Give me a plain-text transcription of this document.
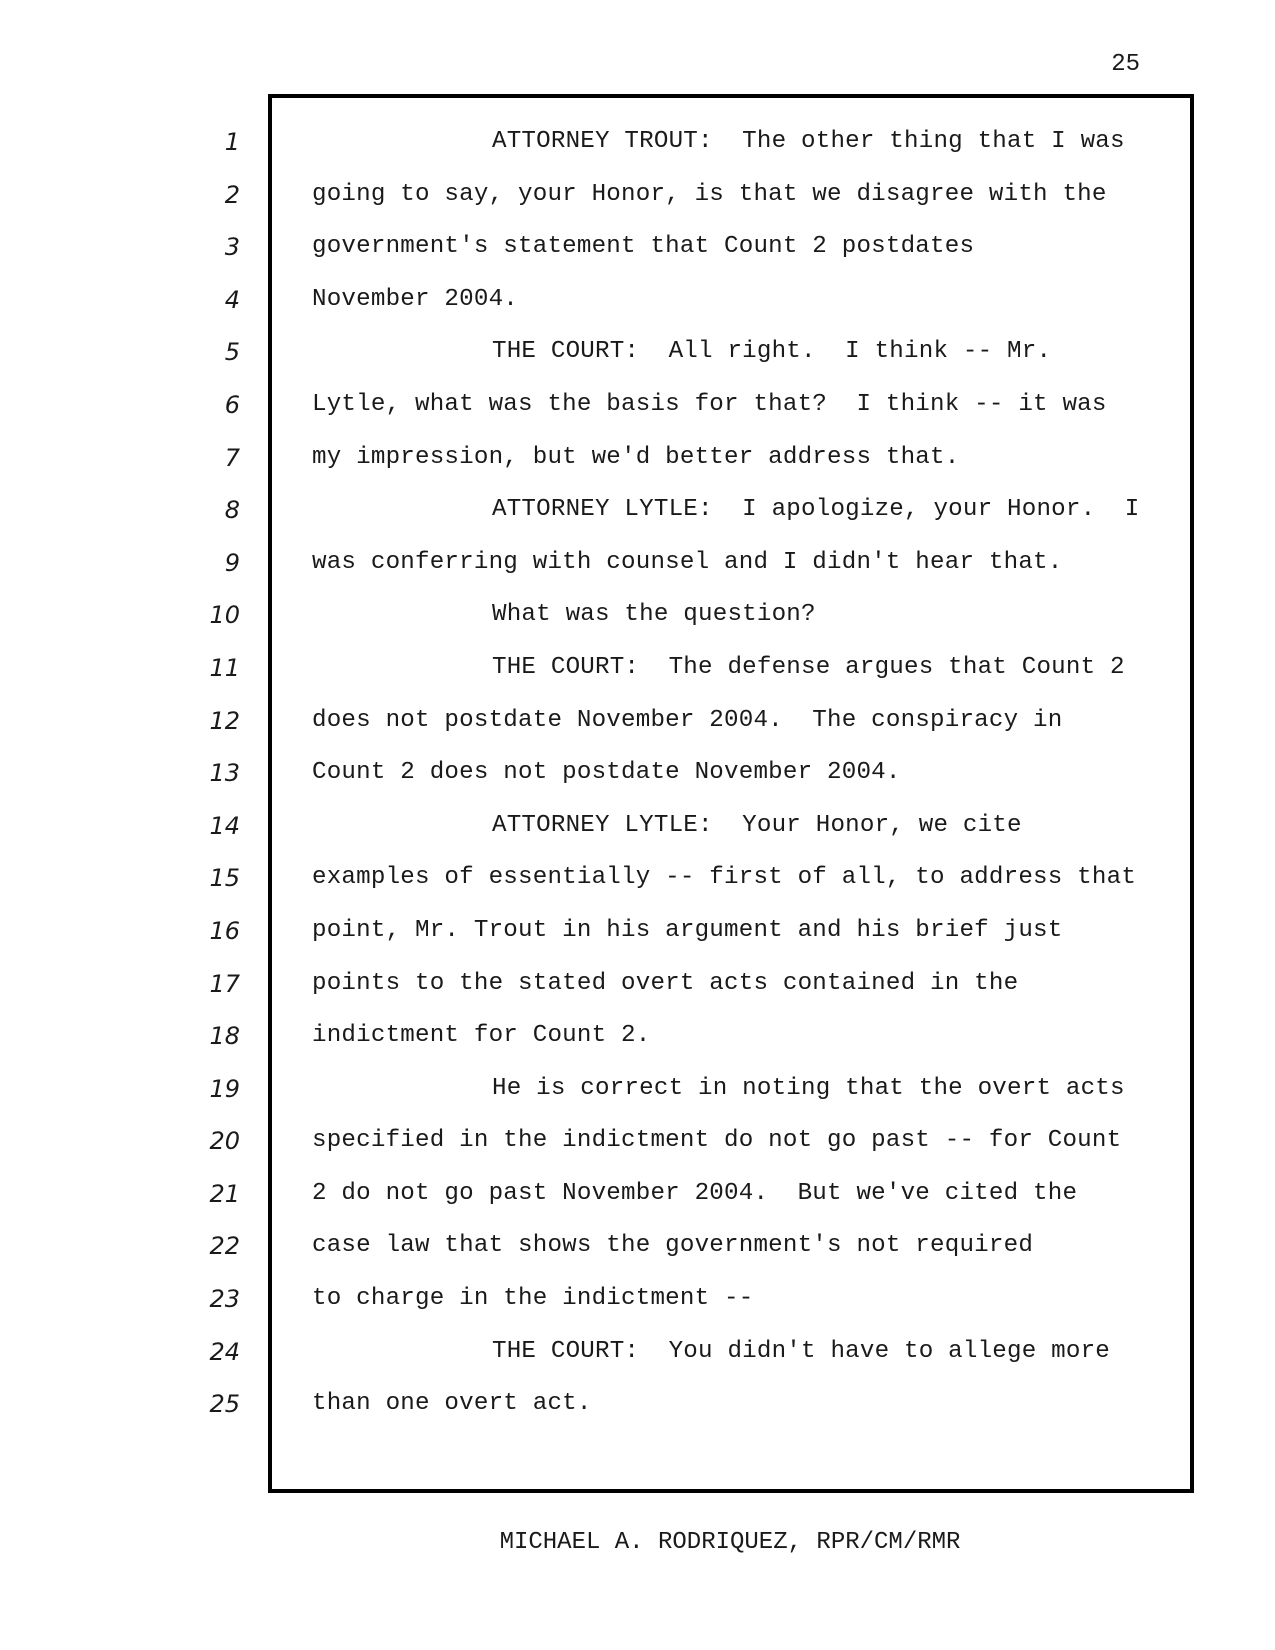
25
1
2
3
4
5
6
7
8
9
10
11
12
13
14
15
16
17
18
19
20
21
22
23
24
25
ATTORNEY TROUT:  The other thing that I was
going to say, your Honor, is that we disagree with the
government's statement that Count 2 postdates
November 2004.
THE COURT:  All right.  I think -- Mr.
Lytle, what was the basis for that?  I think -- it was
my impression, but we'd better address that.
ATTORNEY LYTLE:  I apologize, your Honor.  I
was conferring with counsel and I didn't hear that.
What was the question?
THE COURT:  The defense argues that Count 2
does not postdate November 2004.  The conspiracy in
Count 2 does not postdate November 2004.
ATTORNEY LYTLE:  Your Honor, we cite
examples of essentially -- first of all, to address that
point, Mr. Trout in his argument and his brief just
points to the stated overt acts contained in the
indictment for Count 2.
He is correct in noting that the overt acts
specified in the indictment do not go past -- for Count
2 do not go past November 2004.  But we've cited the
case law that shows the government's not required
to charge in the indictment --
THE COURT:  You didn't have to allege more
than one overt act.
MICHAEL A. RODRIQUEZ, RPR/CM/RMR
